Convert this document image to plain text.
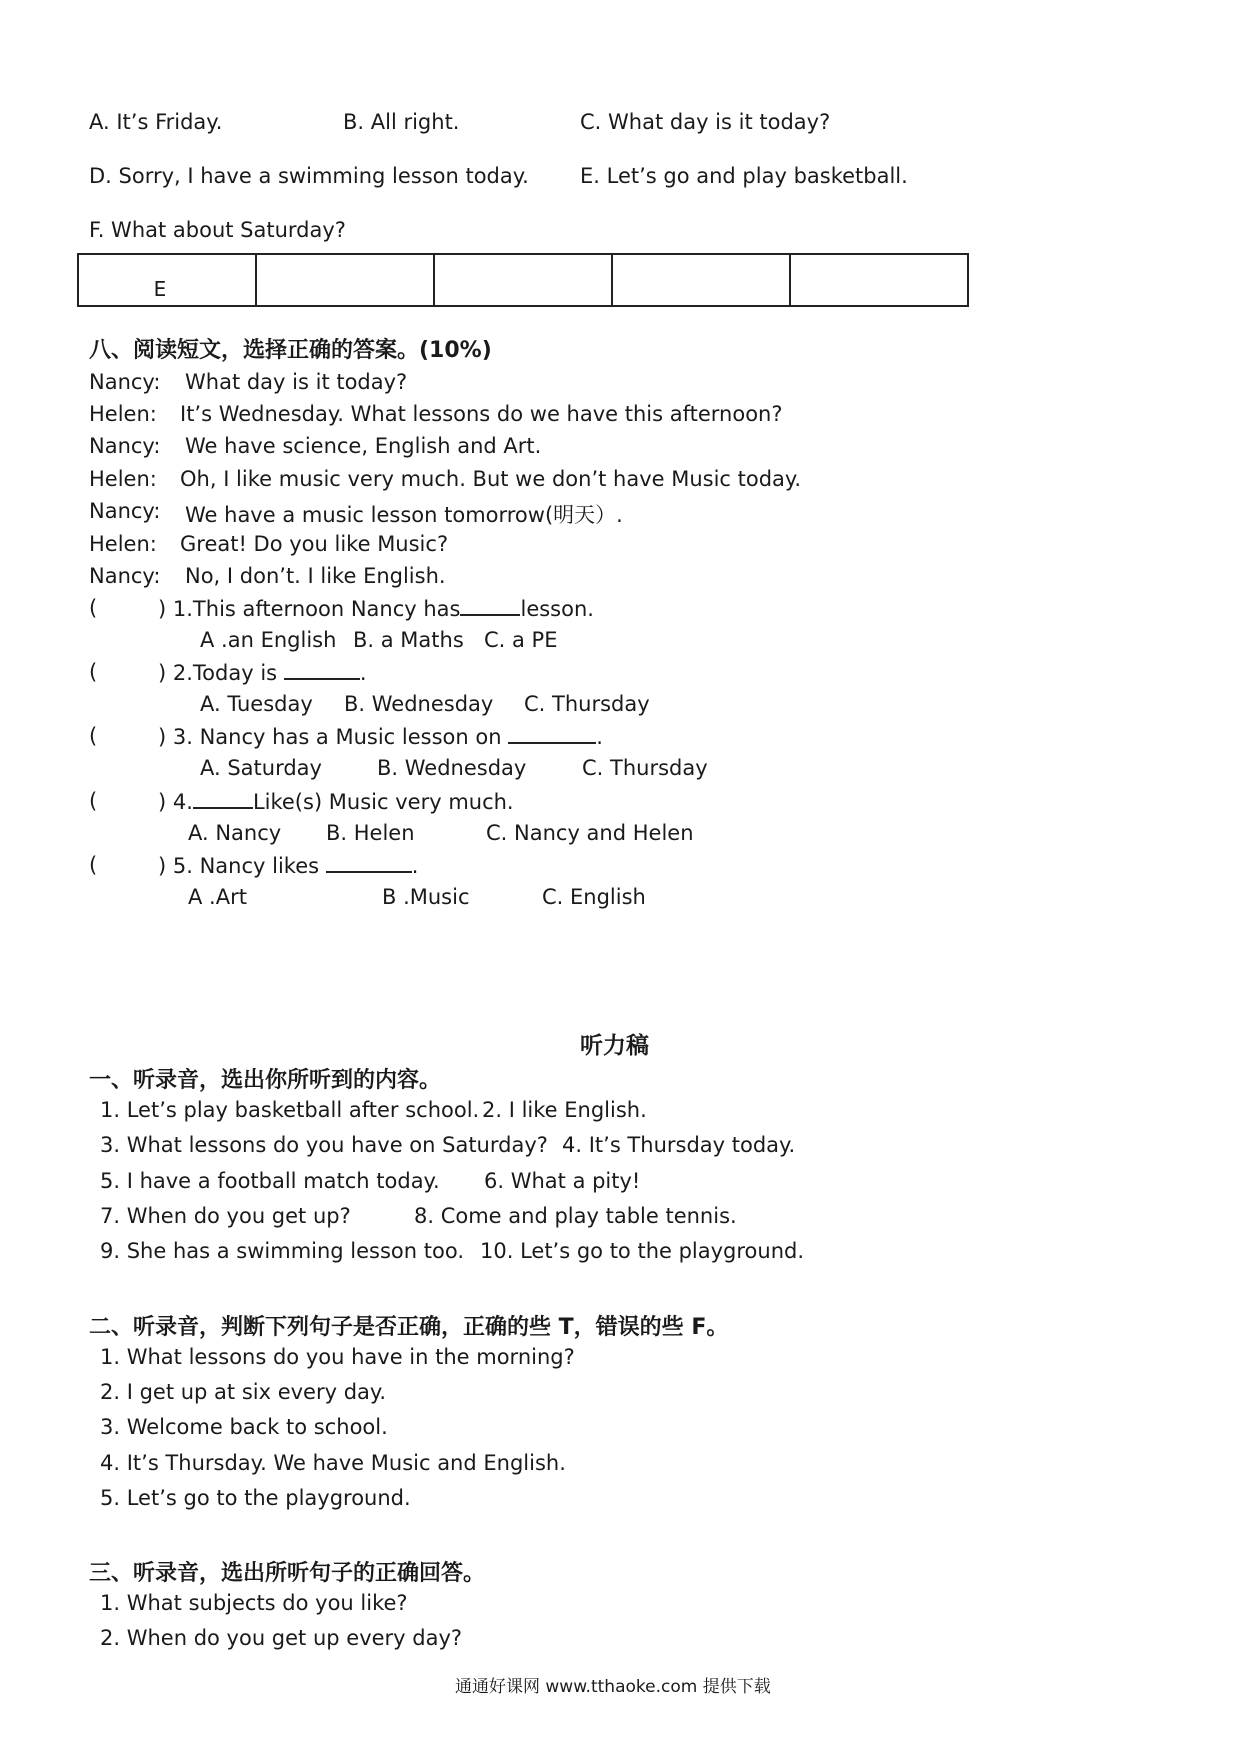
A. It’s Friday.	B. All right.	C. What day is it today?
D. Sorry, I have a swimming lesson today. E. Let’s go and play basketball.
F. What about Saturday?
E

八、阅读短文，选择正确的答案。(10%)
Nancy: What day is it today?
Helen: It’s Wednesday. What lessons do we have this afternoon?
Nancy: We have science, English and Art.
Helen: Oh, I like music very much. But we don’t have Music today.
Nancy: We have a music lesson tomorrow(明天）.
Helen: Great! Do you like Music?
Nancy: No, I don’t. I like English.
(	) 1.This afternoon Nancy has	lesson.
A .an English B. a Maths C. a PE
(	) 2.Today is	.
A. Tuesday B. Wednesday C. Thursday
(	) 3. Nancy has a Music lesson on	.
A. Saturday	B. Wednesday	C. Thursday
(	) 4.	Like(s) Music very much.
A. Nancy B. Helen	C. Nancy and Helen
(	) 5. Nancy likes	.
A .Art	B .Music	C. English
听力稿
一、听录音，选出你所听到的内容。
1. Let’s play basketball after school. 2. I like English.
3. What lessons do you have on Saturday? 4. It’s Thursday today.
5. I have a football match today. 6. What a pity!
7. When do you get up?	8. Come and play table tennis.
9. She has a swimming lesson too. 10. Let’s go to the playground.
二、听录音，判断下列句子是否正确，正确的些 T，错误的些 F。
1. What lessons do you have in the morning?
2. I get up at six every day.
3. Welcome back to school.
4. It’s Thursday. We have Music and English.
5. Let’s go to the playground.
三、听录音，选出所听句子的正确回答。
1. What subjects do you like?
2. When do you get up every day?
通通好课网 www.tthaoke.com 提供下载
